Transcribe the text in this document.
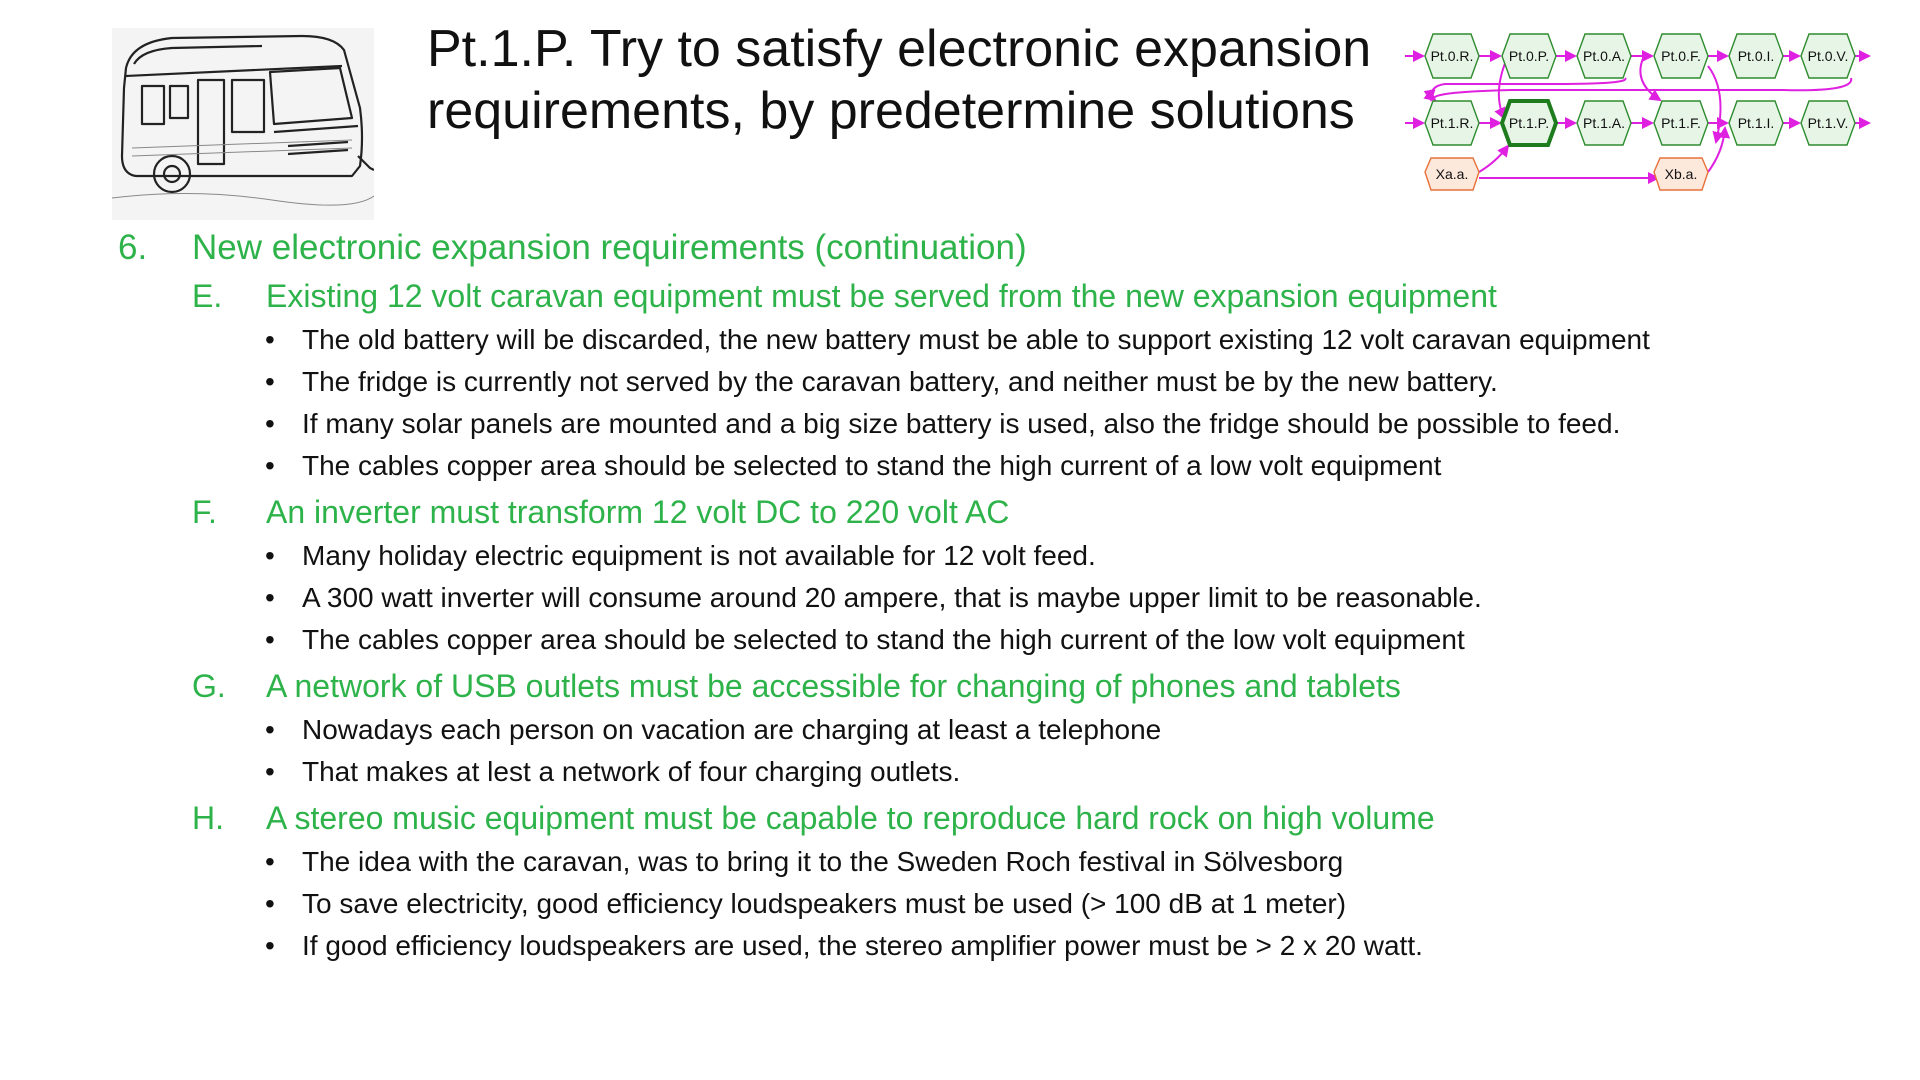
Pt.1.P. Try to satisfy electronic expansion requirements, by predetermine solutions
Pt.0.R.	Pt.0.P. Pt.0.A.	Pt.0.F.	Pt.0.I. Pt.0.V.
Pt.1.R.	Pt.1.P. Pt.1.A.	Pt.1.F.	Pt.1.I. Pt.1.V.
Xa.a.	Xb.a.
6. New electronic expansion requirements (continuation)
E. Existing 12 volt caravan equipment must be served from the new expansion equipment
• The old battery will be discarded, the new battery must be able to support existing 12 volt caravan equipment
• The fridge is currently not served by the caravan battery, and neither must be by the new battery.
• If many solar panels are mounted and a big size battery is used, also the fridge should be possible to feed.
• The cables copper area should be selected to stand the high current of a low volt equipment
F. An inverter must transform 12 volt DC to 220 volt AC
• Many holiday electric equipment is not available for 12 volt feed.
• A 300 watt inverter will consume around 20 ampere, that is maybe upper limit to be reasonable.
• The cables copper area should be selected to stand the high current of the low volt equipment
G. A network of USB outlets must be accessible for changing of phones and tablets
• Nowadays each person on vacation are charging at least a telephone
• That makes at lest a network of four charging outlets.
H. A stereo music equipment must be capable to reproduce hard rock on high volume
• The idea with the caravan, was to bring it to the Sweden Roch festival in Sölvesborg
• To save electricity, good efficiency loudspeakers must be used (> 100 dB at 1 meter)
• If good efficiency loudspeakers are used, the stereo amplifier power must be > 2 x 20 watt.
